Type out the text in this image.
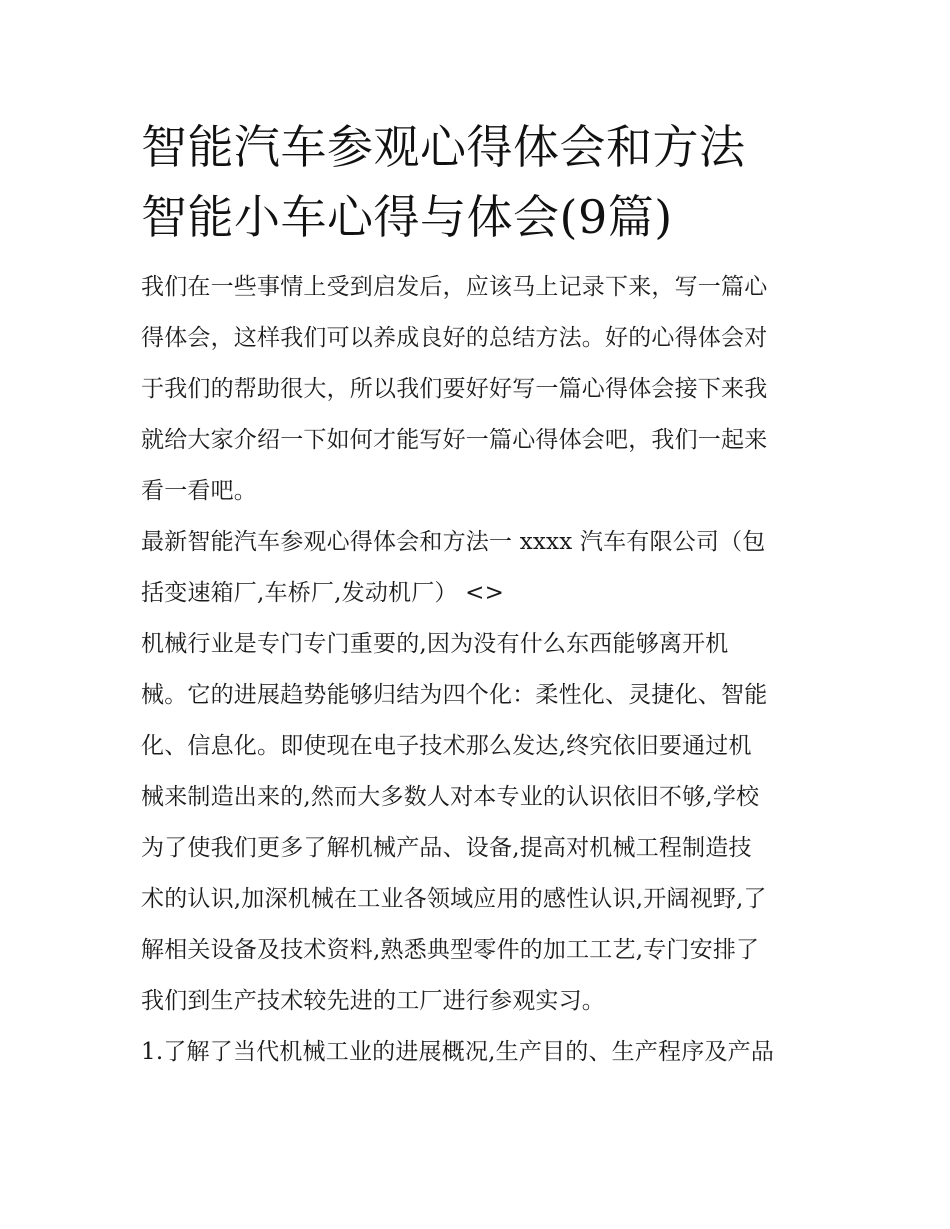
智能汽车参观心得体会和方法
智能小车心得与体会(9篇)

我们在一些事情上受到启发后，应该马上记录下来，写一篇心
得体会，这样我们可以养成良好的总结方法。好的心得体会对
于我们的帮助很大，所以我们要好好写一篇心得体会接下来我
就给大家介绍一下如何才能写好一篇心得体会吧，我们一起来
看一看吧。

最新智能汽车参观心得体会和方法一 xxxx 汽车有限公司（包
括变速箱厂,车桥厂,发动机厂） <>

机械行业是专门专门重要的,因为没有什么东西能够离开机
械。它的进展趋势能够归结为四个化：柔性化、灵捷化、智能
化、信息化。即使现在电子技术那么发达,终究依旧要通过机
械来制造出来的,然而大多数人对本专业的认识依旧不够,学校
为了使我们更多了解机械产品、设备,提高对机械工程制造技
术的认识,加深机械在工业各领域应用的感性认识,开阔视野,了
解相关设备及技术资料,熟悉典型零件的加工工艺,专门安排了
我们到生产技术较先进的工厂进行参观实习。

1.了解了当代机械工业的进展概况,生产目的、生产程序及产品
